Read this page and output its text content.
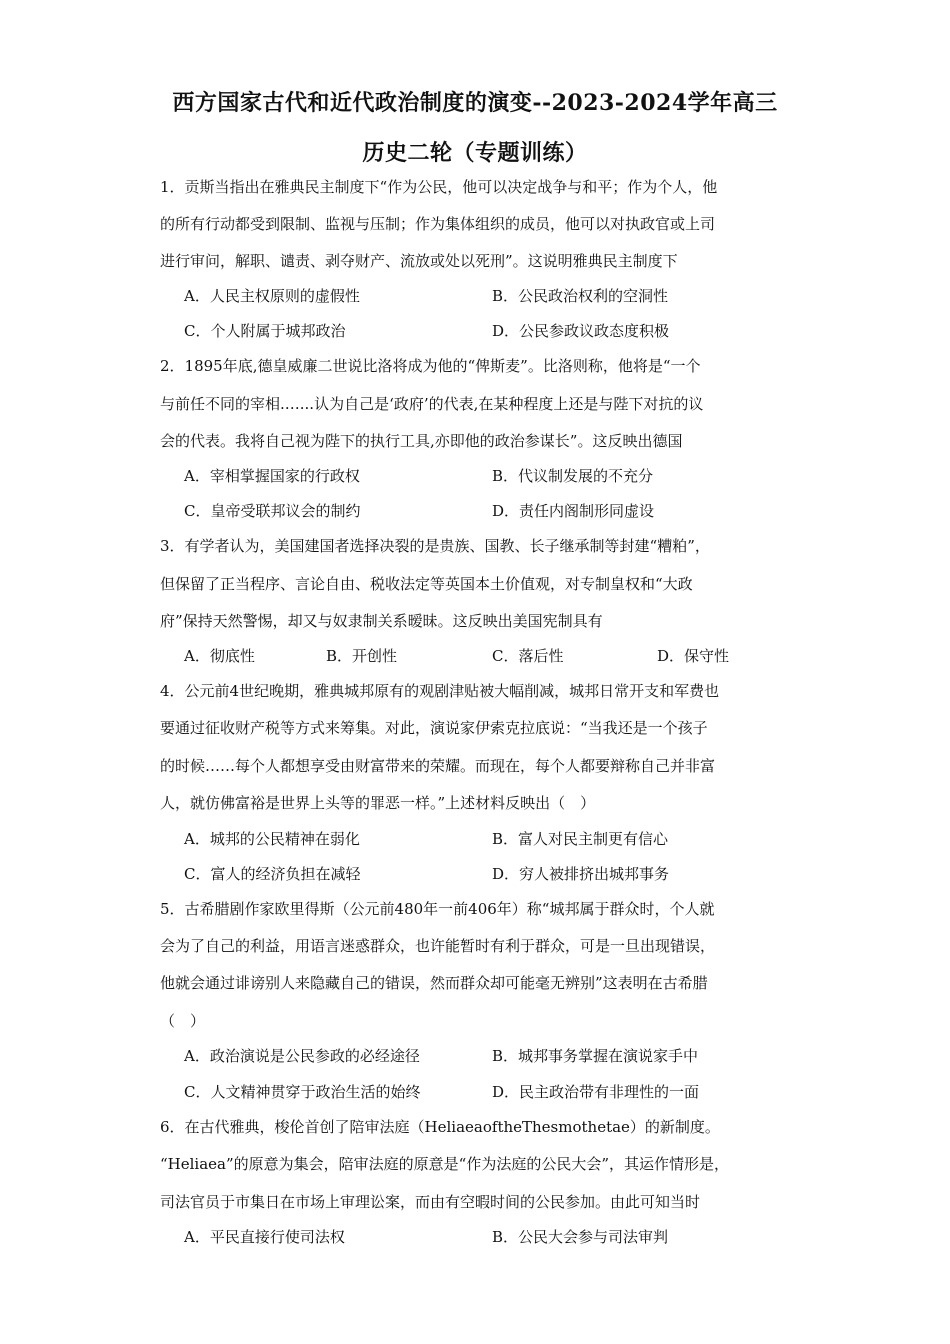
西方国家古代和近代政治制度的演变--2023-2024学年高三
历史二轮（专题训练）
1．贡斯当指出在雅典民主制度下“作为公民，他可以决定战争与和平；作为个人，他
的所有行动都受到限制、监视与压制；作为集体组织的成员，他可以对执政官或上司
进行审问，解职、谴责、剥夺财产、流放或处以死刑”。这说明雅典民主制度下
A．人民主权原则的虚假性	B．公民政治权利的空洞性
C．个人附属于城邦政治	D．公民参政议政态度积极
2．1895年底,德皇威廉二世说比洛将成为他的“俾斯麦”。比洛则称，他将是“一个
与前任不同的宰相.…...认为自己是‘政府’的代表,在某种程度上还是与陛下对抗的议
会的代表。我将自己视为陛下的执行工具,亦即他的政治参谋长”。这反映出德国
A．宰相掌握国家的行政权	B．代议制发展的不充分
C．皇帝受联邦议会的制约	D．责任内阁制形同虚设
3．有学者认为，美国建国者选择决裂的是贵族、国教、长子继承制等封建“糟粕”，
但保留了正当程序、言论自由、税收法定等英国本土价值观，对专制皇权和“大政
府”保持天然警惕，却又与奴隶制关系暧昧。这反映出美国宪制具有
A．彻底性	B．开创性	C．落后性	D．保守性
4．公元前4世纪晚期，雅典城邦原有的观剧津贴被大幅削减，城邦日常开支和军费也
要通过征收财产税等方式来筹集。对此，演说家伊索克拉底说：“当我还是一个孩子
的时候……每个人都想享受由财富带来的荣耀。而现在，每个人都要辩称自己并非富
人，就仿佛富裕是世界上头等的罪恶一样。”上述材料反映出（　）
A．城邦的公民精神在弱化	B．富人对民主制更有信心
C．富人的经济负担在减轻	D．穷人被排挤出城邦事务
5．古希腊剧作家欧里得斯（公元前480年一前406年）称“城邦属于群众时，个人就
会为了自己的利益，用语言迷惑群众，也许能暂时有利于群众，可是一旦出现错误，
他就会通过诽谤别人来隐藏自己的错误，然而群众却可能毫无辨别”这表明在古希腊
（　）
A．政治演说是公民参政的必经途径	B．城邦事务掌握在演说家手中
C．人文精神贯穿于政治生活的始终	D．民主政治带有非理性的一面
6．在古代雅典，梭伦首创了陪审法庭（HeliaeaoftheThesmothetae）的新制度。
“Heliaea”的原意为集会，陪审法庭的原意是“作为法庭的公民大会”，其运作情形是，
司法官员于市集日在市场上审理讼案，而由有空暇时间的公民参加。由此可知当时
A．平民直接行使司法权	B．公民大会参与司法审判
